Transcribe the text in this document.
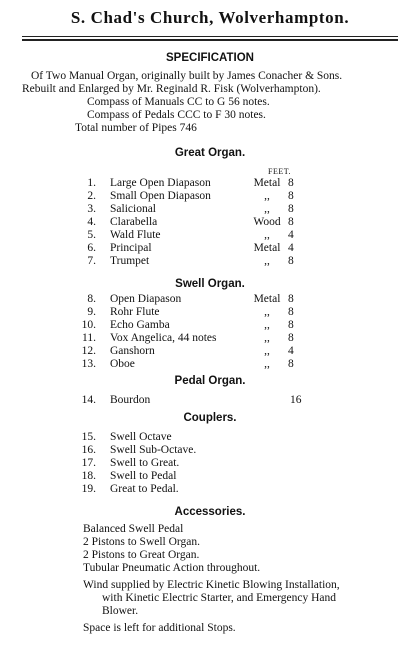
S. Chad's Church, Wolverhampton.
SPECIFICATION
Of Two Manual Organ, originally built by James Conacher & Sons.
Rebuilt and Enlarged by Mr. Reginald R. Fisk (Wolverhampton).
Compass of Manuals CC to G 56 notes.
Compass of Pedals CCC to F 30 notes.
Total number of Pipes 746
Great Organ.
FEET.
1. Large Open Diapason	Metal 8
2. Small Open Diapason	,,	8
3. Salicional	,,	8
4. Clarabella	Wood 8
5. Wald Flute	,,	4
6. Principal	Metal 4
7. Trumpet	,,	8
Swell Organ.
8. Open Diapason	Metal 8
9. Rohr Flute	,,	8
10. Echo Gamba	,,	8
11. Vox Angelica, 44 notes	,,	8
12. Ganshorn	,,	4
13. Oboe	,,	8
Pedal Organ.
14. Bourdon	16
Couplers.
15. Swell Octave
16. Swell Sub-Octave.
17. Swell to Great.
18. Swell to Pedal
19. Great to Pedal.
Accessories.
Balanced Swell Pedal
2 Pistons to Swell Organ.
2 Pistons to Great Organ.
Tubular Pneumatic Action throughout.
Wind supplied by Electric Kinetic Blowing Installation,
with Kinetic Electric Starter, and Emergency Hand
Blower.
Space is left for additional Stops.
